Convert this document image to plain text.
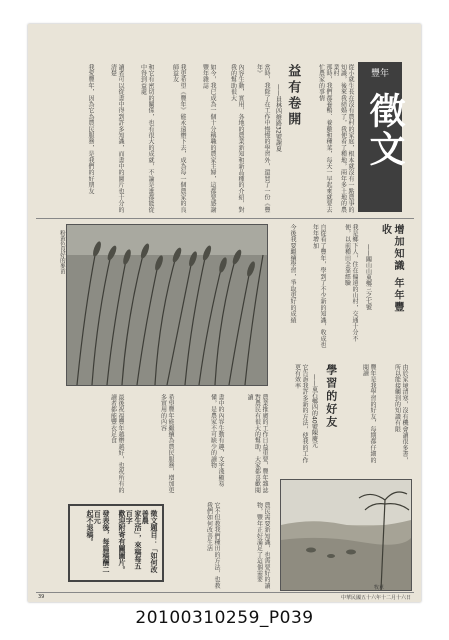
豐年
徵文
益有卷開
——員林四維路32號謝夏	從小就生長在沒有農村的家庭，根本就沒有一點農事的知識，後來我結婚了，我便看了種地，兩年多土地的農業村
那時，我們都養鴨、養雞和種菜，每天一早起來就要去忙農家的事情
當時，我除了在工作中慢慢的學習外，還買了一份《豐年》
內容生動，實用，各地的農業新知和新品種的介紹，對我的幫助很大
如今，我已成為一個十分稱職的農家主婦，這都要感謝豐年雜誌
我更希望《豐年》能永遠辦下去，成為每一個農家的良師益友
和它有密切的關係，也有很大的成就，不論是誰都能從中得到益處
讀者可以從書中得到許多知識，而書中的圖片也十分的清楚
我愛豐年，因為它為農民服務，是我們的好朋友
粉黃色良好的麥苗	增加知識 年年豐收
——關山山東鄉三之七號
我是鄉下人，住在偏遠的山村，交通十分不便，以前種田全靠經驗
自從看了豐年，學到了不少新的知識，收成也年年增加
今後我要繼續學習，爭取更好的成績
學習的好友
——東石鄉四的40號陳慶元	由於家境清寒，沒有機會讀很多書，所以能接觸到的知識有限
豐年是我學習的好友，每期都仔細的閱讀
它告訴我許多新的方法，使我的工作更有效率
農業推廣的工作日益重要，豐年雜誌對農民有很大的幫助，大家都喜歡閱讀
書中的內容生動有趣，文字淺顯易懂，是農家不可缺少的讀物
希望豐年能繼續為農民服務，增加更多實用的內容
最後祝福豐年越辦越好，也祝所有的讀者都能豐衣足食
農民需要新知識，也需要好的讀物，豐年正好滿足了這個需要
它不但教我們種田的方法，也教我們如何改善生活
牧草
徵文題目：「如何改善農
家生活」，來稿每五百字
歡迎附寄有關圖片。
發表後，每篇稿酬二百元
起不退稿。
39	中華民國五十六年十二月十六日
20100310259_P039
